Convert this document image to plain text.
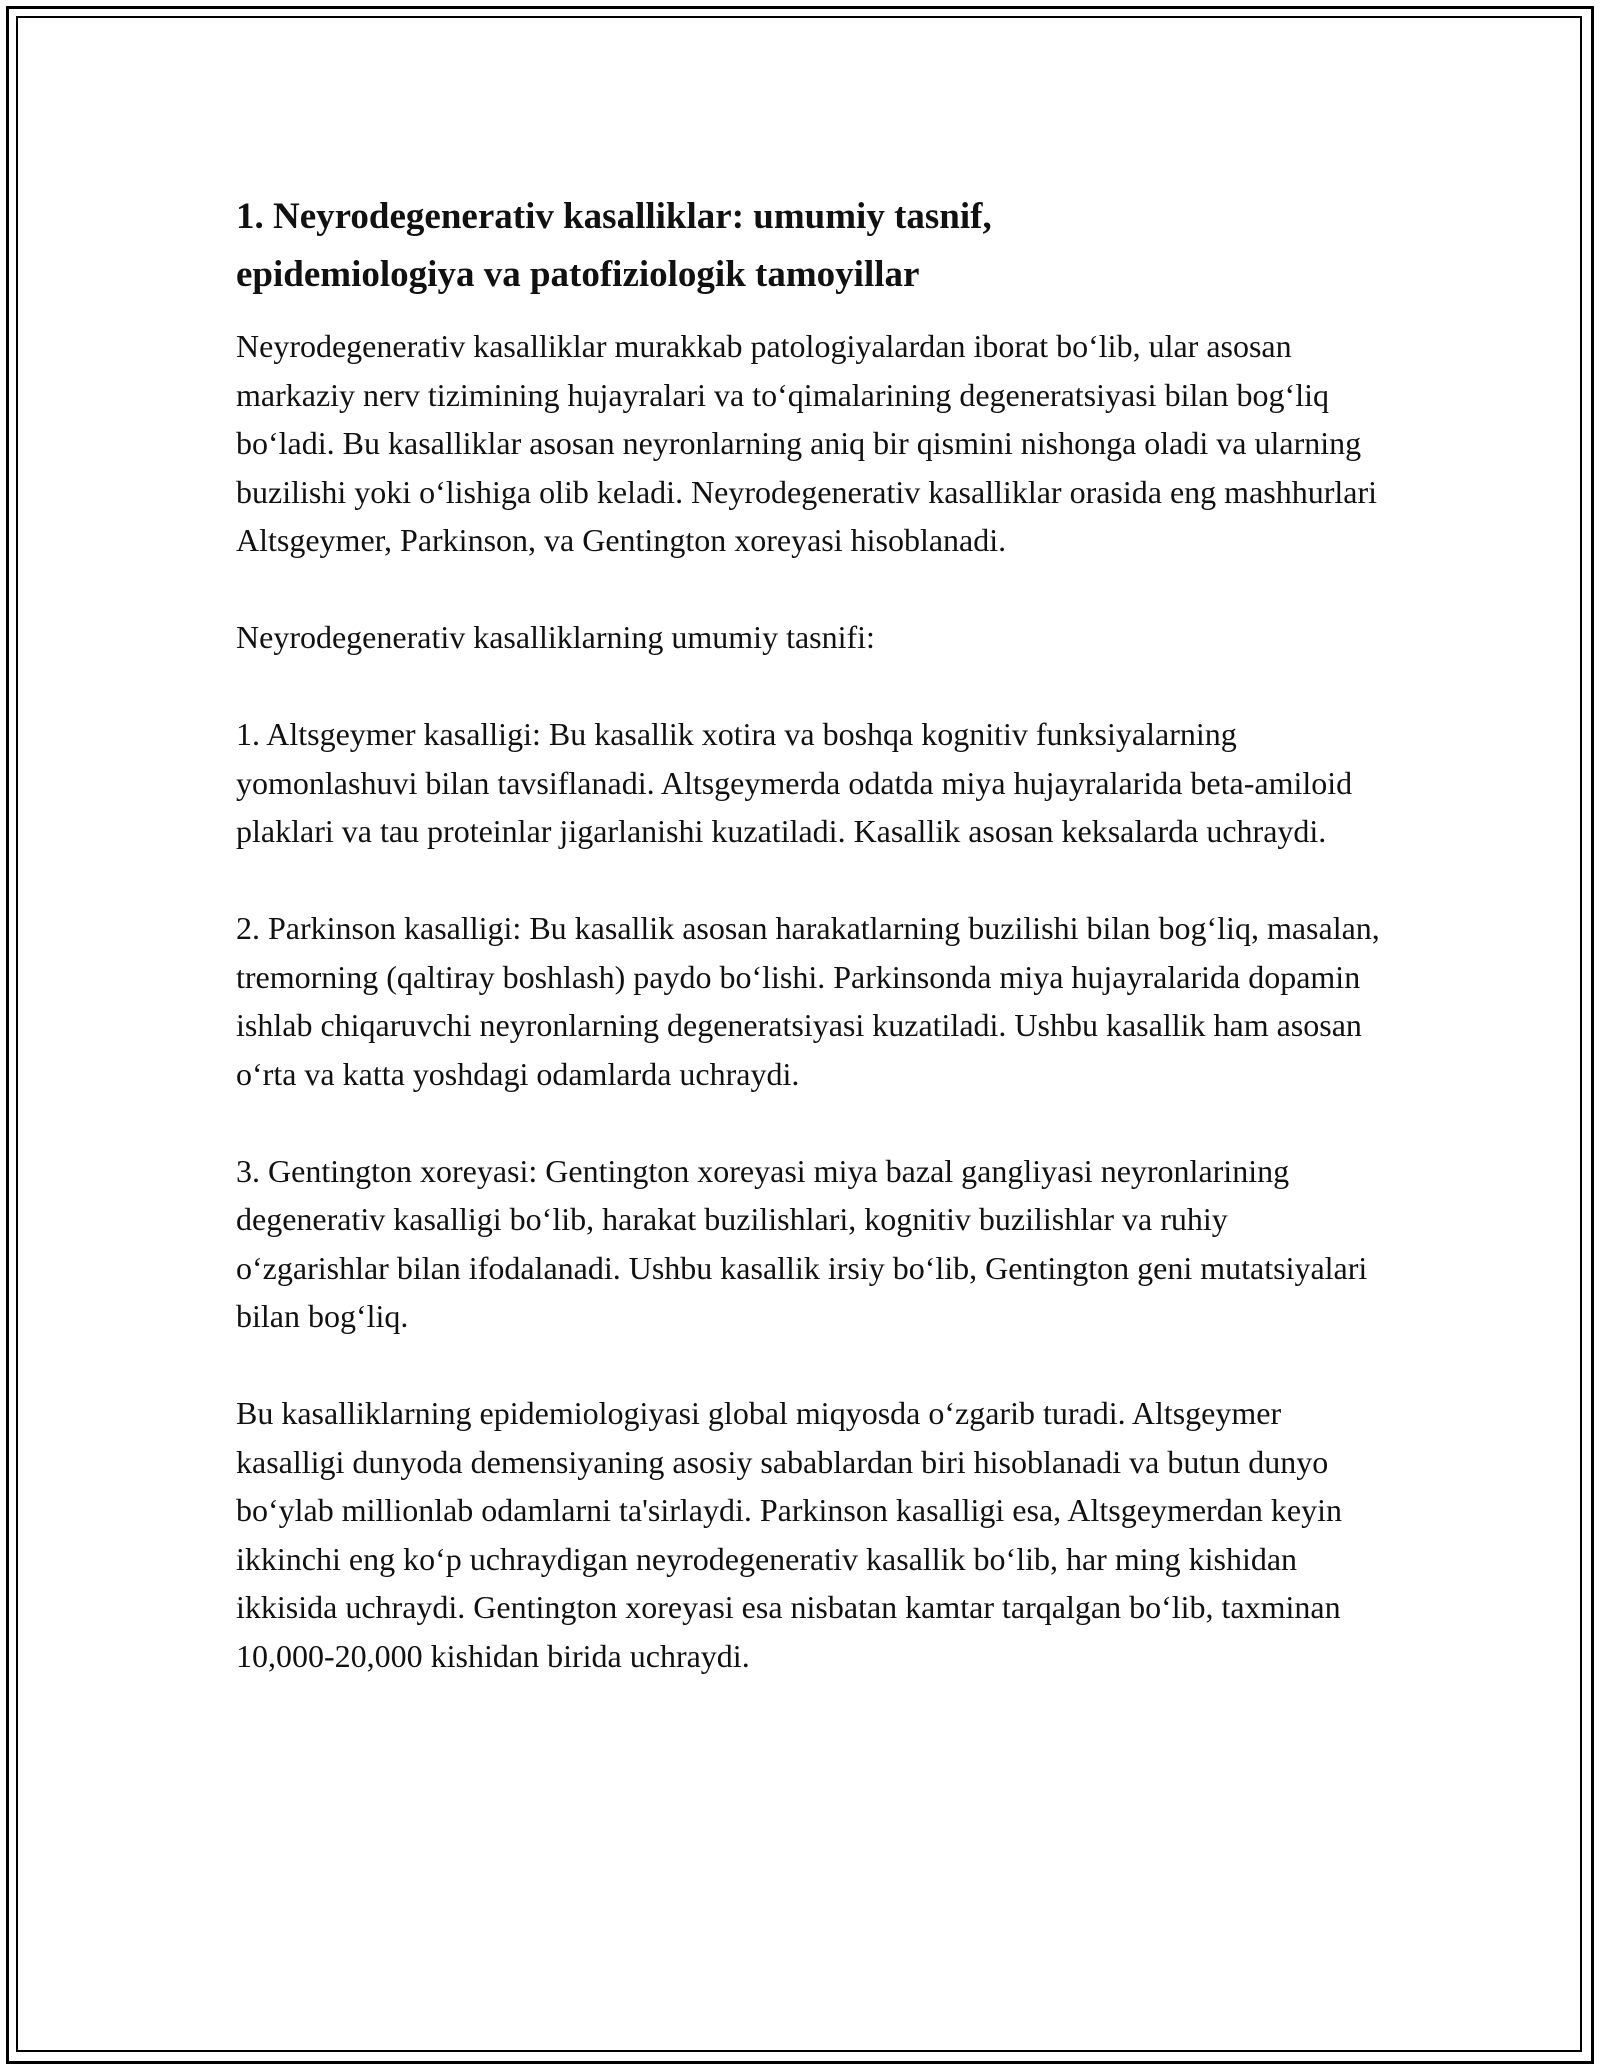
1. Neyrodegenerativ kasalliklar: umumiy tasnif,
epidemiologiya va patofiziologik tamoyillar

Neyrodegenerativ kasalliklar murakkab patologiyalardan iborat bo‘lib, ular asosan markaziy nerv tizimining hujayralari va to‘qimalarining degeneratsiyasi bilan bog‘liq bo‘ladi. Bu kasalliklar asosan neyronlarning aniq bir qismini nishonga oladi va ularning buzilishi yoki o‘lishiga olib keladi. Neyrodegenerativ kasalliklar orasida eng mashhurlari Altsgeymer, Parkinson, va Gentington xoreyasi hisoblanadi.

Neyrodegenerativ kasalliklarning umumiy tasnifi:

1. Altsgeymer kasalligi: Bu kasallik xotira va boshqa kognitiv funksiyalarning yomonlashuvi bilan tavsiflanadi. Altsgeymerda odatda miya hujayralarida beta-amiloid plaklari va tau proteinlar jigarlanishi kuzatiladi. Kasallik asosan keksalarda uchraydi.

2. Parkinson kasalligi: Bu kasallik asosan harakatlarning buzilishi bilan bog‘liq, masalan, tremorning (qaltiray boshlash) paydo bo‘lishi. Parkinsonda miya hujayralarida dopamin ishlab chiqaruvchi neyronlarning degeneratsiyasi kuzatiladi. Ushbu kasallik ham asosan o‘rta va katta yoshdagi odamlarda uchraydi.

3. Gentington xoreyasi: Gentington xoreyasi miya bazal gangliyasi neyronlarining degenerativ kasalligi bo‘lib, harakat buzilishlari, kognitiv buzilishlar va ruhiy o‘zgarishlar bilan ifodalanadi. Ushbu kasallik irsiy bo‘lib, Gentington geni mutatsiyalari bilan bog‘liq.

Bu kasalliklarning epidemiologiyasi global miqyosda o‘zgarib turadi. Altsgeymer kasalligi dunyoda demensiyaning asosiy sabablardan biri hisoblanadi va butun dunyo bo‘ylab millionlab odamlarni ta'sirlaydi. Parkinson kasalligi esa, Altsgeymerdan keyin ikkinchi eng ko‘p uchraydigan neyrodegenerativ kasallik bo‘lib, har ming kishidan ikkisida uchraydi. Gentington xoreyasi esa nisbatan kamtar tarqalgan bo‘lib, taxminan 10,000-20,000 kishidan birida uchraydi.
